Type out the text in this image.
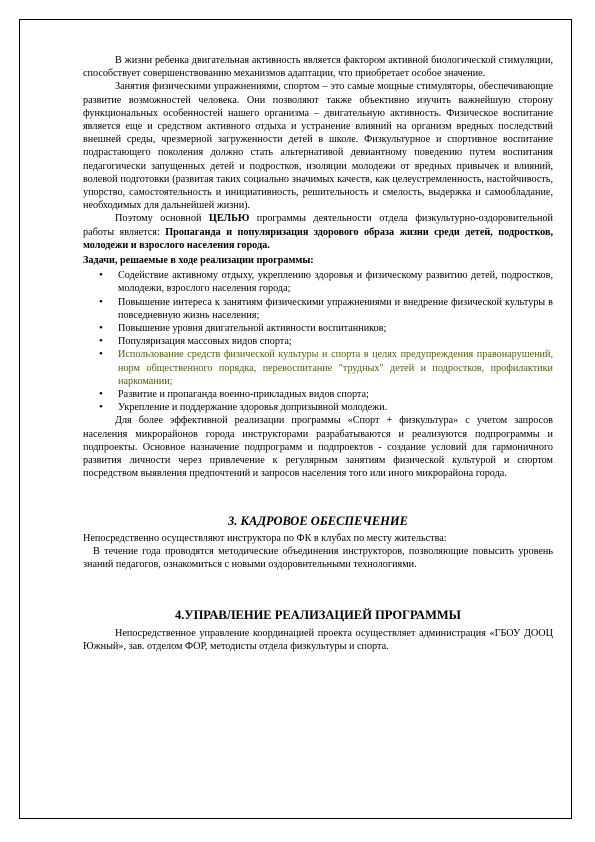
В жизни ребенка двигательная активность является фактором активной биологической стимуляции, способствует совершенствованию механизмов адаптации, что приобретает особое значение.

Занятия физическими упражнениями, спортом – это самые мощные стимуляторы, обеспечивающие развитие возможностей человека. Они позволяют также объективно изучить важнейшую сторону функциональных особенностей нашего организма – двигательную активность. Физическое воспитание является еще и средством активного отдыха и устранение влияний на организм вредных последствий внешней среды, чрезмерной загруженности детей в школе. Физкультурное и спортивное воспитание подрастающего поколения должно стать альтернативой девиантному поведению путем воспитания педагогически запущенных детей и подростков, изоляции молодежи от вредных привычек и влияний, волевой подготовки (развитая таких социально значимых качеств, как целеустремленность, настойчивость, упорство, самостоятельность и инициативность, решительность и смелость, выдержка и самообладание, необходимых для дальнейшей жизни).

Поэтому основной ЦЕЛЬЮ программы деятельности отдела физкультурно-оздоровительной работы является: Пропаганда и популяризация здорового образа жизни среди детей, подростков, молодежи и взрослого населения города.

Задачи, решаемые в ходе реализации программы:

• Содействие активному отдыху, укреплению здоровья и физическому развитию детей, подростков, молодежи, взрослого населения города;
• Повышение интереса к занятиям физическими упражнениями и внедрение физической культуры в повседневную жизнь населения;
• Повышение уровня двигательной активности воспитанников;
• Популяризация массовых видов спорта;
• Использование средств физической культуры и спорта в целях предупреждения правонарушений, норм общественного порядка, перевоспитание "трудных" детей и подростков, профилактики наркомании;
• Развитие и пропаганда военно-прикладных видов спорта;
• Укрепление и поддержание здоровья допризывной молодежи.

Для более эффективной реализации программы «Спорт + физкультура» с учетом запросов населения микрорайонов города инструкторами разрабатываются и реализуются подпрограммы и подпроекты. Основное назначение подпрограмм и подпроектов - создание условий для гармоничного развития личности через привлечение к регулярным занятиям физической культурой и спортом посредством выявления предпочтений и запросов населения того или иного микрорайона города.

3. КАДРОВОЕ ОБЕСПЕЧЕНИЕ

Непосредственно осуществляют инструктора по ФК в клубах по месту жительства:

В течение года проводятся методические объединения инструкторов, позволяющие повысить уровень знаний педагогов, ознакомиться с новыми оздоровительными технологиями.

4.УПРАВЛЕНИЕ РЕАЛИЗАЦИЕЙ ПРОГРАММЫ

Непосредственное управление координацией проекта осуществляет администрация «ГБОУ ДООЦ Южный», зав. отделом ФОР, методисты отдела физкультуры и спорта.
